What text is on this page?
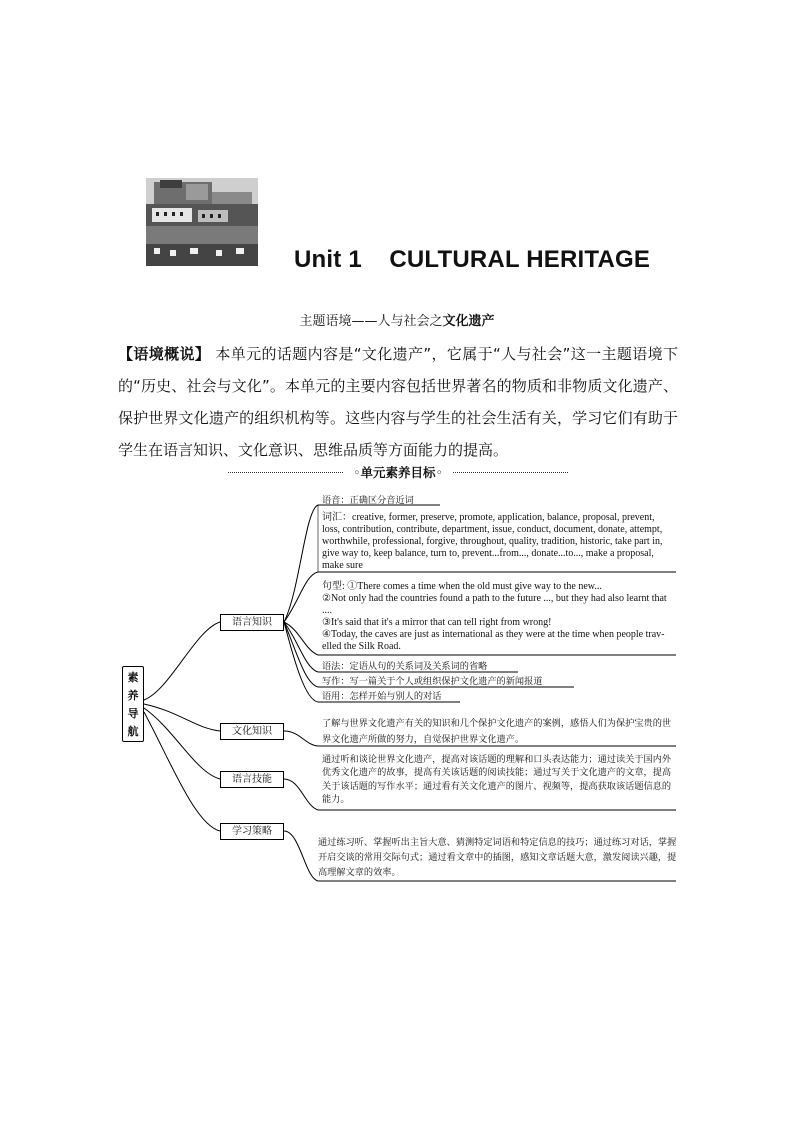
Unit 1 CULTURAL HERITAGE
主题语境——人与社会之文化遗产

【语境概说】 本单元的话题内容是“文化遗产”，它属于“人与社会”这一主题语境下的“历史、社会与文化”。本单元的主要内容包括世界著名的物质和非物质文化遗产、保护世界文化遗产的组织机构等。这些内容与学生的社会生活有关，学习它们有助于学生在语言知识、文化意识、思维品质等方面能力的提高。

◦单元素养目标◦
素
养
导
航
语言知识
文化知识
语言技能
学习策略
语音：正确区分音近词
词汇：creative, former, preserve, promote, application, balance, proposal, prevent, loss, contribution, contribute, department, issue, conduct, document, donate, attempt, worthwhile, professional, forgive, throughout, quality, tradition, historic, take part in, give way to, keep balance, turn to, prevent...from..., donate...to..., make a proposal, make sure
句型: ①There comes a time when the old must give way to the new...
②Not only had the countries found a path to the future ..., but they had also learnt that ....
③It's said that it's a mirror that can tell right from wrong!
④Today, the caves are just as international as they were at the time when people trav-elled the Silk Road.
语法：定语从句的关系词及关系词的省略
写作：写一篇关于个人或组织保护文化遗产的新闻报道
语用：怎样开始与别人的对话
了解与世界文化遗产有关的知识和几个保护文化遗产的案例，感悟人们为保护宝贵的世界文化遗产所做的努力，自觉保护世界文化遗产。
通过听和谈论世界文化遗产，提高对该话题的理解和口头表达能力；通过读关于国内外优秀文化遗产的故事，提高有关该话题的阅读技能；通过写关于文化遗产的文章，提高关于该话题的写作水平；通过看有关文化遗产的图片、视频等，提高获取该话题信息的能力。
通过练习听、掌握听出主旨大意、猜测特定词语和特定信息的技巧；通过练习对话，掌握开启交谈的常用交际句式；通过看文章中的插图，感知文章话题大意，激发阅读兴趣，提高理解文章的效率。
